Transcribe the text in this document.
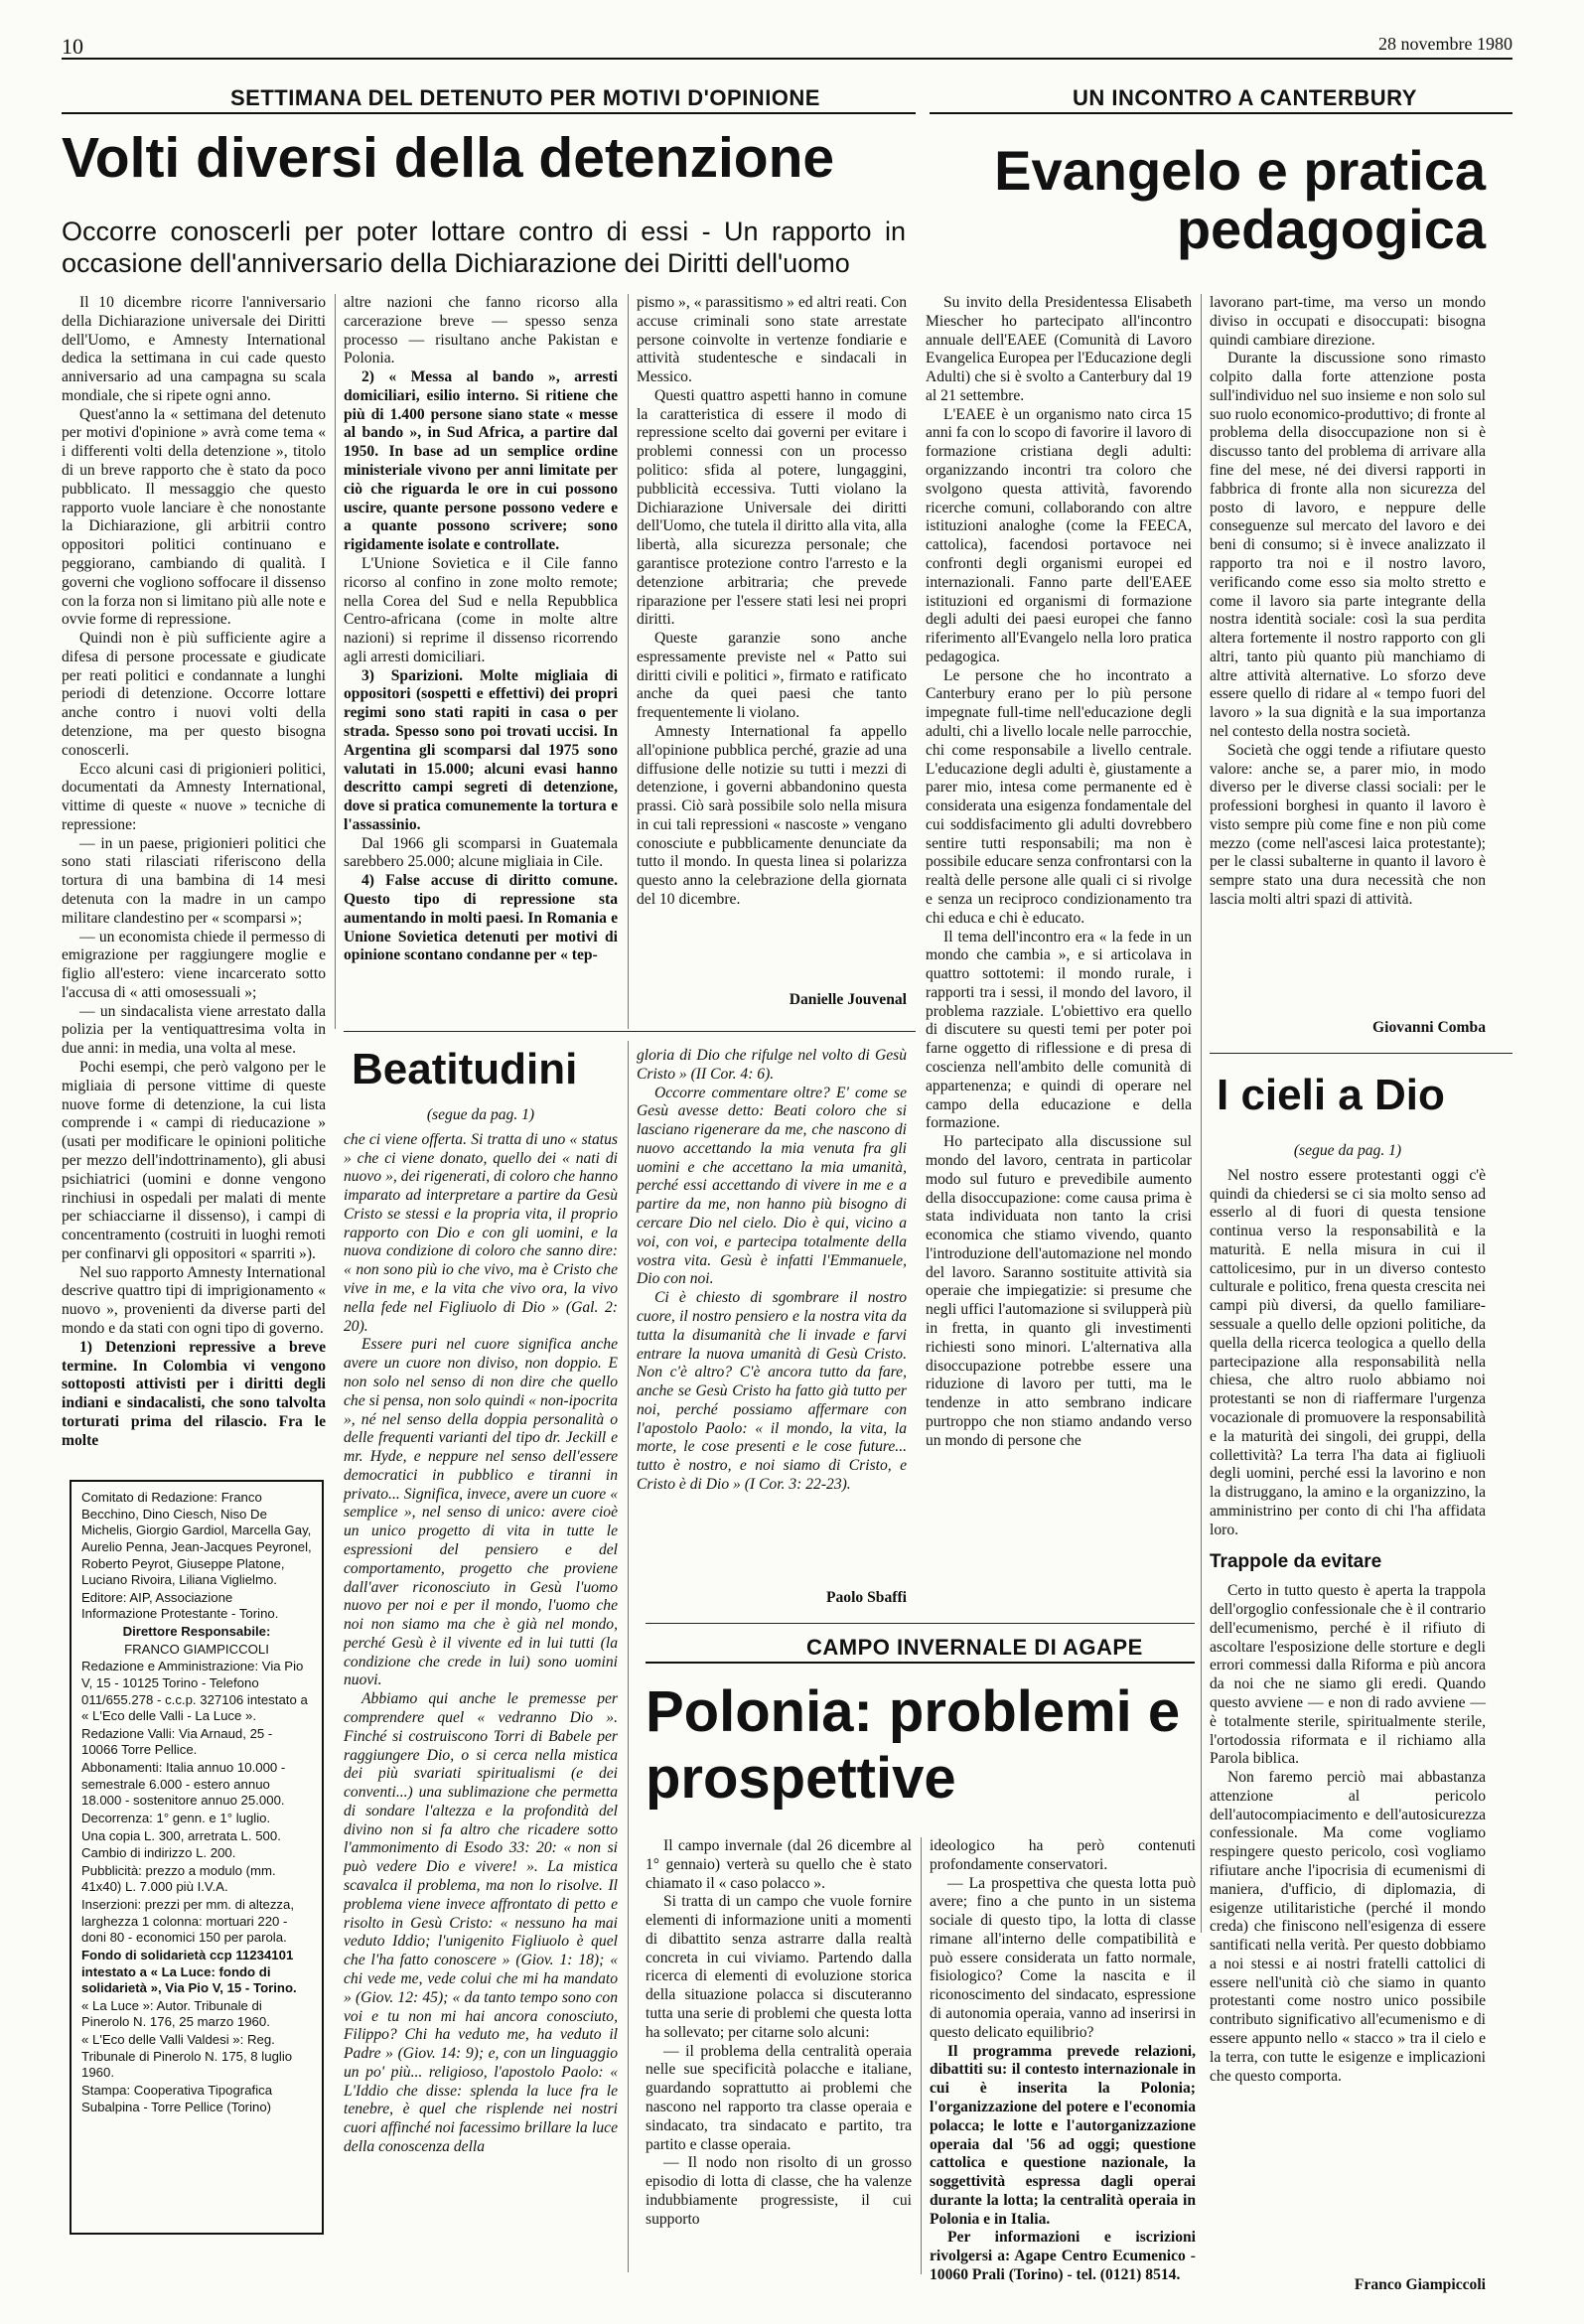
10	28 novembre 1980
SETTIMANA DEL DETENUTO PER MOTIVI D'OPINIONE
Volti diversi della detenzione

Occorre conoscerli per poter lottare contro di essi - Un rapporto in occasione dell'anniversario della Dichiarazione dei Diritti dell'uomo

Il 10 dicembre ricorre l'anniversario della Dichiarazione universale dei Diritti dell'Uomo, e Amnesty International dedica la settimana in cui cade questo anniversario ad una campagna su scala mondiale, che si ripete ogni anno.

Quest'anno la « settimana del detenuto per motivi d'opinione » avrà come tema « i differenti volti della detenzione », titolo di un breve rapporto che è stato da poco pubblicato. Il messaggio che questo rapporto vuole lanciare è che nonostante la Dichiarazione, gli arbitrii contro oppositori politici continuano e peggiorano, cambiando di qualità. I governi che vogliono soffocare il dissenso con la forza non si limitano più alle note e ovvie forme di repressione.

Quindi non è più sufficiente agire a difesa di persone processate e giudicate per reati politici e condannate a lunghi periodi di detenzione. Occorre lottare anche contro i nuovi volti della detenzione, ma per questo bisogna conoscerli.

Ecco alcuni casi di prigionieri politici, documentati da Amnesty International, vittime di queste « nuove » tecniche di repressione:

— in un paese, prigionieri politici che sono stati rilasciati riferiscono della tortura di una bambina di 14 mesi detenuta con la madre in un campo militare clandestino per « scomparsi »;

— un economista chiede il permesso di emigrazione per raggiungere moglie e figlio all'estero: viene incarcerato sotto l'accusa di « atti omosessuali »;

— un sindacalista viene arrestato dalla polizia per la ventiquattresima volta in due anni: in media, una volta al mese.

Pochi esempi, che però valgono per le migliaia di persone vittime di queste nuove forme di detenzione, la cui lista comprende i « campi di rieducazione » (usati per modificare le opinioni politiche per mezzo dell'indottrinamento), gli abusi psichiatrici (uomini e donne vengono rinchiusi in ospedali per malati di mente per schiacciarne il dissenso), i campi di concentramento (costruiti in luoghi remoti per confinarvi gli oppositori « sparriti »).

Nel suo rapporto Amnesty International descrive quattro tipi di imprigionamento « nuovo », provenienti da diverse parti del mondo e da stati con ogni tipo di governo.

1) Detenzioni repressive a breve termine. In Colombia vi vengono sottoposti attivisti per i diritti degli indiani e sindacalisti, che sono talvolta torturati prima del rilascio. Fra le molte

altre nazioni che fanno ricorso alla carcerazione breve — spesso senza processo — risultano anche Pakistan e Polonia.

2) « Messa al bando », arresti domiciliari, esilio interno. Si ritiene che più di 1.400 persone siano state « messe al bando », in Sud Africa, a partire dal 1950. In base ad un semplice ordine ministeriale vivono per anni limitate per ciò che riguarda le ore in cui possono uscire, quante persone possono vedere e a quante possono scrivere; sono rigidamente isolate e controllate.

L'Unione Sovietica e il Cile fanno ricorso al confino in zone molto remote; nella Corea del Sud e nella Repubblica Centro-africana (come in molte altre nazioni) si reprime il dissenso ricorrendo agli arresti domiciliari.

3) Sparizioni. Molte migliaia di oppositori (sospetti e effettivi) dei propri regimi sono stati rapiti in casa o per strada. Spesso sono poi trovati uccisi. In Argentina gli scomparsi dal 1975 sono valutati in 15.000; alcuni evasi hanno descritto campi segreti di detenzione, dove si pratica comunemente la tortura e l'assassinio.

Dal 1966 gli scomparsi in Guatemala sarebbero 25.000; alcune migliaia in Cile.

4) False accuse di diritto comune. Questo tipo di repressione sta aumentando in molti paesi. In Romania e Unione Sovietica detenuti per motivi di opinione scontano condanne per « tep-

pismo », « parassitismo » ed altri reati. Con accuse criminali sono state arrestate persone coinvolte in vertenze fondiarie e attività studentesche e sindacali in Messico.

Questi quattro aspetti hanno in comune la caratteristica di essere il modo di repressione scelto dai governi per evitare i problemi connessi con un processo politico: sfida al potere, lungaggini, pubblicità eccessiva. Tutti violano la Dichiarazione Universale dei diritti dell'Uomo, che tutela il diritto alla vita, alla libertà, alla sicurezza personale; che garantisce protezione contro l'arresto e la detenzione arbitraria; che prevede riparazione per l'essere stati lesi nei propri diritti.

Queste garanzie sono anche espressamente previste nel « Patto sui diritti civili e politici », firmato e ratificato anche da quei paesi che tanto frequentemente li violano.

Amnesty International fa appello all'opinione pubblica perché, grazie ad una diffusione delle notizie su tutti i mezzi di detenzione, i governi abbandonino questa prassi. Ciò sarà possibile solo nella misura in cui tali repressioni « nascoste » vengano conosciute e pubblicamente denunciate da tutto il mondo. In questa linea si polarizza questo anno la celebrazione della giornata del 10 dicembre.

Danielle Jouvenal

Comitato di Redazione: Franco Becchino, Dino Ciesch, Niso De Michelis, Giorgio Gardiol, Marcella Gay, Aurelio Penna, Jean-Jacques Peyronel, Roberto Peyrot, Giuseppe Platone, Luciano Rivoira, Liliana Viglielmo.

Editore: AIP, Associazione Informazione Protestante - Torino.

Direttore Responsabile:

FRANCO GIAMPICCOLI

Redazione e Amministrazione: Via Pio V, 15 - 10125 Torino - Telefono 011/655.278 - c.c.p. 327106 intestato a « L'Eco delle Valli - La Luce ».

Redazione Valli: Via Arnaud, 25 - 10066 Torre Pellice.

Abbonamenti: Italia annuo 10.000 - semestrale 6.000 - estero annuo 18.000 - sostenitore annuo 25.000.

Decorrenza: 1° genn. e 1° luglio.

Una copia L. 300, arretrata L. 500.

Cambio di indirizzo L. 200.

Pubblicità: prezzo a modulo (mm. 41x40) L. 7.000 più I.V.A.

Inserzioni: prezzi per mm. di altezza, larghezza 1 colonna: mortuari 220 - doni 80 - economici 150 per parola.

Fondo di solidarietà ccp 11234101 intestato a « La Luce: fondo di solidarietà », Via Pio V, 15 - Torino.

« La Luce »: Autor. Tribunale di Pinerolo N. 176, 25 marzo 1960.

« L'Eco delle Valli Valdesi »: Reg. Tribunale di Pinerolo N. 175, 8 luglio 1960.

Stampa: Cooperativa Tipografica Subalpina - Torre Pellice (Torino)

Beatitudini

(segue da pag. 1)

che ci viene offerta. Si tratta di uno « status » che ci viene donato, quello dei « nati di nuovo », dei rigenerati, di coloro che hanno imparato ad interpretare a partire da Gesù Cristo se stessi e la propria vita, il proprio rapporto con Dio e con gli uomini, e la nuova condizione di coloro che sanno dire: « non sono più io che vivo, ma è Cristo che vive in me, e la vita che vivo ora, la vivo nella fede nel Figliuolo di Dio » (Gal. 2: 20).

Essere puri nel cuore significa anche avere un cuore non diviso, non doppio. E non solo nel senso di non dire che quello che si pensa, non solo quindi « non-ipocrita », né nel senso della doppia personalità o delle frequenti varianti del tipo dr. Jeckill e mr. Hyde, e neppure nel senso dell'essere democratici in pubblico e tiranni in privato... Significa, invece, avere un cuore « semplice », nel senso di unico: avere cioè un unico progetto di vita in tutte le espressioni del pensiero e del comportamento, progetto che proviene dall'aver riconosciuto in Gesù l'uomo nuovo per noi e per il mondo, l'uomo che noi non siamo ma che è già nel mondo, perché Gesù è il vivente ed in lui tutti (la condizione che crede in lui) sono uomini nuovi.

Abbiamo qui anche le premesse per comprendere quel « vedranno Dio ». Finché si costruiscono Torri di Babele per raggiungere Dio, o si cerca nella mistica dei più svariati spiritualismi (e dei conventi...) una sublimazione che permetta di sondare l'altezza e la profondità del divino non si fa altro che ricadere sotto l'ammonimento di Esodo 33: 20: « non si può vedere Dio e vivere! ». La mistica scavalca il problema, ma non lo risolve. Il problema viene invece affrontato di petto e risolto in Gesù Cristo: « nessuno ha mai veduto Iddio; l'unigenito Figliuolo è quel che l'ha fatto conoscere » (Giov. 1: 18); « chi vede me, vede colui che mi ha mandato » (Giov. 12: 45); « da tanto tempo sono con voi e tu non mi hai ancora conosciuto, Filippo? Chi ha veduto me, ha veduto il Padre » (Giov. 14: 9); e, con un linguaggio un po' più... religioso, l'apostolo Paolo: « L'Iddio che disse: splenda la luce fra le tenebre, è quel che risplende nei nostri cuori affinché noi facessimo brillare la luce della conoscenza della

gloria di Dio che rifulge nel volto di Gesù Cristo » (II Cor. 4: 6).

Occorre commentare oltre? E' come se Gesù avesse detto: Beati coloro che si lasciano rigenerare da me, che nascono di nuovo accettando la mia venuta fra gli uomini e che accettano la mia umanità, perché essi accettando di vivere in me e a partire da me, non hanno più bisogno di cercare Dio nel cielo. Dio è qui, vicino a voi, con voi, e partecipa totalmente della vostra vita. Gesù è infatti l'Emmanuele, Dio con noi.

Ci è chiesto di sgombrare il nostro cuore, il nostro pensiero e la nostra vita da tutta la disumanità che li invade e farvi entrare la nuova umanità di Gesù Cristo. Non c'è altro? C'è ancora tutto da fare, anche se Gesù Cristo ha fatto già tutto per noi, perché possiamo affermare con l'apostolo Paolo: « il mondo, la vita, la morte, le cose presenti e le cose future... tutto è nostro, e noi siamo di Cristo, e Cristo è di Dio » (I Cor. 3: 22-23).

Paolo Sbaffi
UN INCONTRO A CANTERBURY
Evangelo e pratica pedagogica

Su invito della Presidentessa Elisabeth Miescher ho partecipato all'incontro annuale dell'EAEE (Comunità di Lavoro Evangelica Europea per l'Educazione degli Adulti) che si è svolto a Canterbury dal 19 al 21 settembre.

L'EAEE è un organismo nato circa 15 anni fa con lo scopo di favorire il lavoro di formazione cristiana degli adulti: organizzando incontri tra coloro che svolgono questa attività, favorendo ricerche comuni, collaborando con altre istituzioni analoghe (come la FEECA, cattolica), facendosi portavoce nei confronti degli organismi europei ed internazionali. Fanno parte dell'EAEE istituzioni ed organismi di formazione degli adulti dei paesi europei che fanno riferimento all'Evangelo nella loro pratica pedagogica.

Le persone che ho incontrato a Canterbury erano per lo più persone impegnate full-time nell'educazione degli adulti, chi a livello locale nelle parrocchie, chi come responsabile a livello centrale. L'educazione degli adulti è, giustamente a parer mio, intesa come permanente ed è considerata una esigenza fondamentale del cui soddisfacimento gli adulti dovrebbero sentire tutti responsabili; ma non è possibile educare senza confrontarsi con la realtà delle persone alle quali ci si rivolge e senza un reciproco condizionamento tra chi educa e chi è educato.

Il tema dell'incontro era « la fede in un mondo che cambia », e si articolava in quattro sottotemi: il mondo rurale, i rapporti tra i sessi, il mondo del lavoro, il problema razziale. L'obiettivo era quello di discutere su questi temi per poter poi farne oggetto di riflessione e di presa di coscienza nell'ambito delle comunità di appartenenza; e quindi di operare nel campo della educazione e della formazione.

Ho partecipato alla discussione sul mondo del lavoro, centrata in particolar modo sul futuro e prevedibile aumento della disoccupazione: come causa prima è stata individuata non tanto la crisi economica che stiamo vivendo, quanto l'introduzione dell'automazione nel mondo del lavoro. Saranno sostituite attività sia operaie che impiegatizie: si presume che negli uffici l'automazione si svilupperà più in fretta, in quanto gli investimenti richiesti sono minori. L'alternativa alla disoccupazione potrebbe essere una riduzione di lavoro per tutti, ma le tendenze in atto sembrano indicare purtroppo che non stiamo andando verso un mondo di persone che

lavorano part-time, ma verso un mondo diviso in occupati e disoccupati: bisogna quindi cambiare direzione.

Durante la discussione sono rimasto colpito dalla forte attenzione posta sull'individuo nel suo insieme e non solo sul suo ruolo economico-produttivo; di fronte al problema della disoccupazione non si è discusso tanto del problema di arrivare alla fine del mese, né dei diversi rapporti in fabbrica di fronte alla non sicurezza del posto di lavoro, e neppure delle conseguenze sul mercato del lavoro e dei beni di consumo; si è invece analizzato il rapporto tra noi e il nostro lavoro, verificando come esso sia molto stretto e come il lavoro sia parte integrante della nostra identità sociale: così la sua perdita altera fortemente il nostro rapporto con gli altri, tanto più quanto più manchiamo di altre attività alternative. Lo sforzo deve essere quello di ridare al « tempo fuori del lavoro » la sua dignità e la sua importanza nel contesto della nostra società.

Società che oggi tende a rifiutare questo valore: anche se, a parer mio, in modo diverso per le diverse classi sociali: per le professioni borghesi in quanto il lavoro è visto sempre più come fine e non più come mezzo (come nell'ascesi laica protestante); per le classi subalterne in quanto il lavoro è sempre stato una dura necessità che non lascia molti altri spazi di attività.

Giovanni Comba
I cieli a Dio

(segue da pag. 1)

Nel nostro essere protestanti oggi c'è quindi da chiedersi se ci sia molto senso ad esserlo al di fuori di questa tensione continua verso la responsabilità e la maturità. E nella misura in cui il cattolicesimo, pur in un diverso contesto culturale e politico, frena questa crescita nei campi più diversi, da quello familiare-sessuale a quello delle opzioni politiche, da quella della ricerca teologica a quello della partecipazione alla responsabilità nella chiesa, che altro ruolo abbiamo noi protestanti se non di riaffermare l'urgenza vocazionale di promuovere la responsabilità e la maturità dei singoli, dei gruppi, della collettività? La terra l'ha data ai figliuoli degli uomini, perché essi la lavorino e non la distruggano, la amino e la organizzino, la amministrino per conto di chi l'ha affidata loro.

Trappole da evitare

Certo in tutto questo è aperta la trappola dell'orgoglio confessionale che è il contrario dell'ecumenismo, perché è il rifiuto di ascoltare l'esposizione delle storture e degli errori commessi dalla Riforma e più ancora da noi che ne siamo gli eredi. Quando questo avviene — e non di rado avviene — è totalmente sterile, spiritualmente sterile, l'ortodossia riformata e il richiamo alla Parola biblica.

Non faremo perciò mai abbastanza attenzione al pericolo dell'autocompiacimento e dell'autosicurezza confessionale. Ma come vogliamo respingere questo pericolo, così vogliamo rifiutare anche l'ipocrisia di ecumenismi di maniera, d'ufficio, di diplomazia, di esigenze utilitaristiche (perché il mondo creda) che finiscono nell'esigenza di essere santificati nella verità. Per questo dobbiamo a noi stessi e ai nostri fratelli cattolici di essere nell'unità ciò che siamo in quanto protestanti come nostro unico possibile contributo significativo all'ecumenismo e di essere appunto nello « stacco » tra il cielo e la terra, con tutte le esigenze e implicazioni che questo comporta.

Franco Giampiccoli
CAMPO INVERNALE DI AGAPE
Polonia: problemi e prospettive

Il campo invernale (dal 26 dicembre al 1° gennaio) verterà su quello che è stato chiamato il « caso polacco ».

Si tratta di un campo che vuole fornire elementi di informazione uniti a momenti di dibattito senza astrarre dalla realtà concreta in cui viviamo. Partendo dalla ricerca di elementi di evoluzione storica della situazione polacca si discuteranno tutta una serie di problemi che questa lotta ha sollevato; per citarne solo alcuni:

— il problema della centralità operaia nelle sue specificità polacche e italiane, guardando soprattutto ai problemi che nascono nel rapporto tra classe operaia e sindacato, tra sindacato e partito, tra partito e classe operaia.

— Il nodo non risolto di un grosso episodio di lotta di classe, che ha valenze indubbiamente progressiste, il cui supporto

ideologico ha però contenuti profondamente conservatori.

— La prospettiva che questa lotta può avere; fino a che punto in un sistema sociale di questo tipo, la lotta di classe rimane all'interno delle compatibilità e può essere considerata un fatto normale, fisiologico? Come la nascita e il riconoscimento del sindacato, espressione di autonomia operaia, vanno ad inserirsi in questo delicato equilibrio?

Il programma prevede relazioni, dibattiti su: il contesto internazionale in cui è inserita la Polonia; l'organizzazione del potere e l'economia polacca; le lotte e l'autorganizzazione operaia dal '56 ad oggi; questione cattolica e questione nazionale, la soggettività espressa dagli operai durante la lotta; la centralità operaia in Polonia e in Italia.

Per informazioni e iscrizioni rivolgersi a: Agape Centro Ecumenico - 10060 Prali (Torino) - tel. (0121) 8514.
